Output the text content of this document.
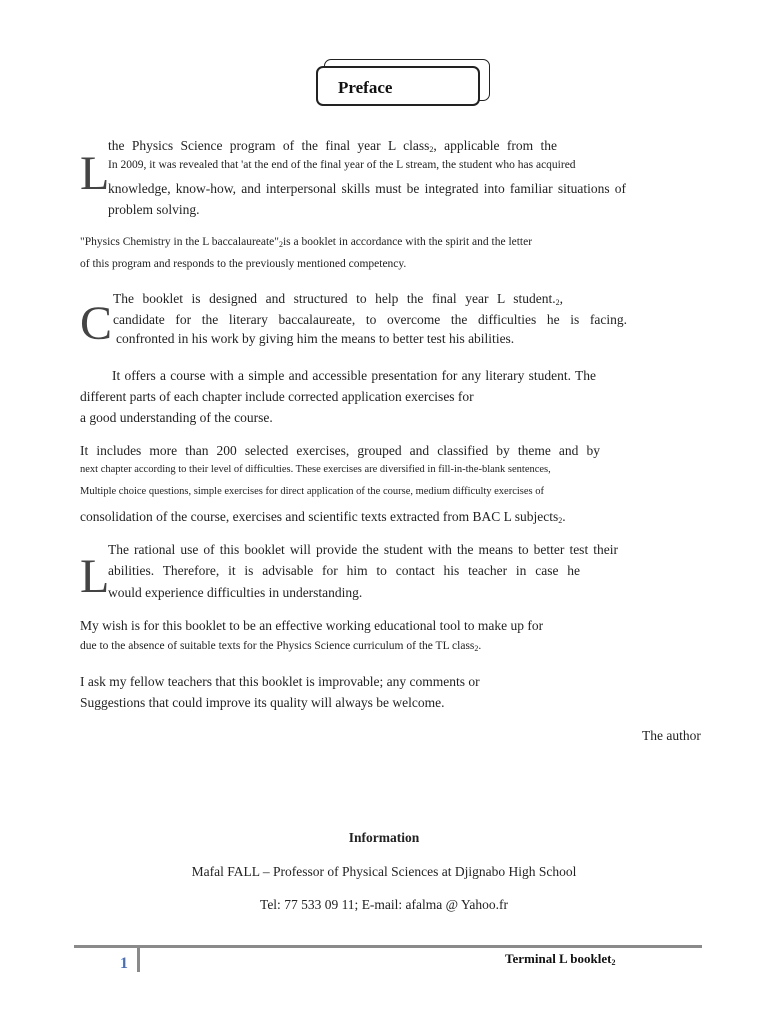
Preface
L
the Physics Science program of the final year L class$_2$, applicable from the
In 2009, it was revealed that 'at the end of the final year of the L stream, the student who has acquired
knowledge, know-how, and interpersonal skills must be integrated into familiar situations of
problem solving.
"Physics Chemistry in the L $baccalaureate"_2is$ a booklet in accordance with the spirit and the letter
of this program and responds to the previously mentioned competency.
C The booklet is designed and structured to help the final year L $student._2$,
candidate for the literary baccalaureate, to overcome the difficulties he is facing.
confronted in his work by giving him the means to better test his abilities.
It offers a course with a simple and accessible presentation for any literary student. The
different parts of each chapter include corrected application exercises for
a good understanding of the course.
It includes more than 200 selected exercises, grouped and classified by theme and by
next chapter according to their level of difficulties. These exercises are diversified in fill-in-the-blank sentences,
Multiple choice questions, simple exercises for direct application of the course, medium difficulty exercises of
consolidation of the course, exercises and scientific texts extracted from BAC L subjects$_2$.
L
The rational use of this booklet will provide the student with the means to better test their
abilities. Therefore, it is advisable for him to contact his teacher in case he
would experience difficulties in understanding.
My wish is for this booklet to be an effective working educational tool to make up for
due to the absence of suitable texts for the Physics Science curriculum of the TL class$_2$.
I ask my fellow teachers that this booklet is improvable; any comments or
Suggestions that could improve its quality will always be welcome.
The author
Information
Mafal FALL – Professor of Physical Sciences at Djignabo High School
Tel: 77 533 09 11; E-mail: afalma @ Yahoo.fr
1	Terminal L booklet$_2$
